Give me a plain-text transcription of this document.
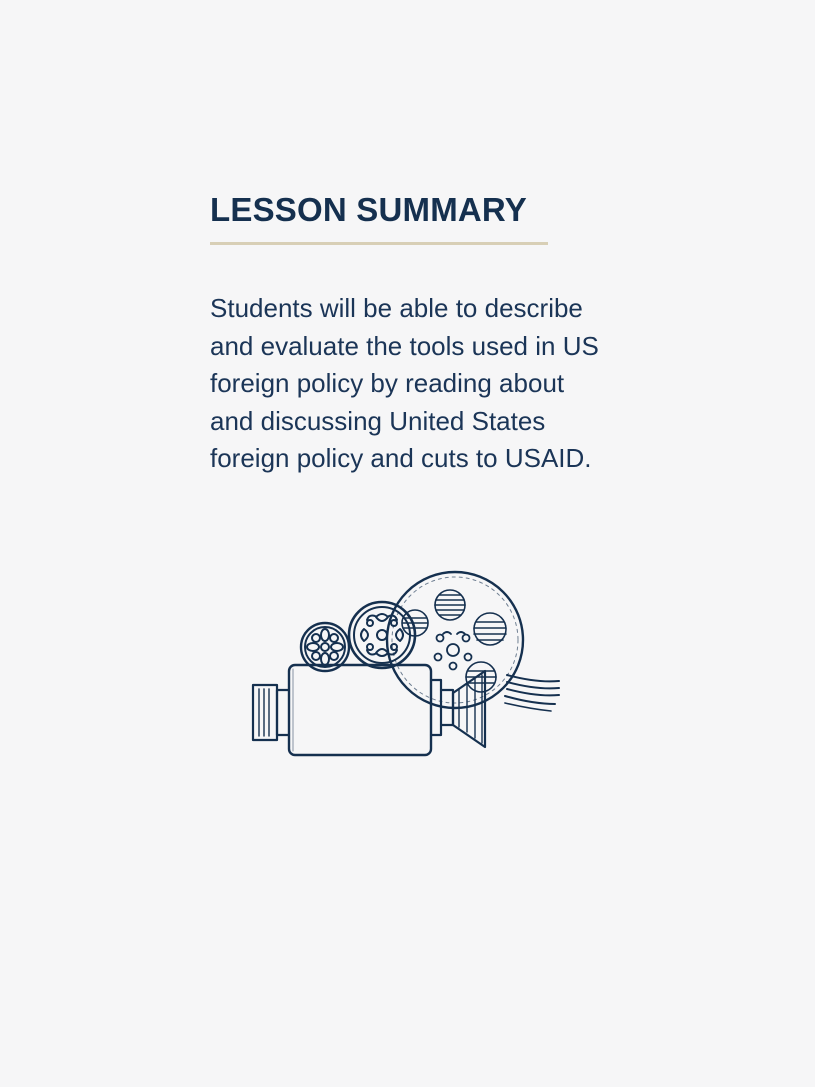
LESSON SUMMARY

Students will be able to describe and evaluate the tools used in US foreign policy by reading about and discussing United States foreign policy and cuts to USAID.
